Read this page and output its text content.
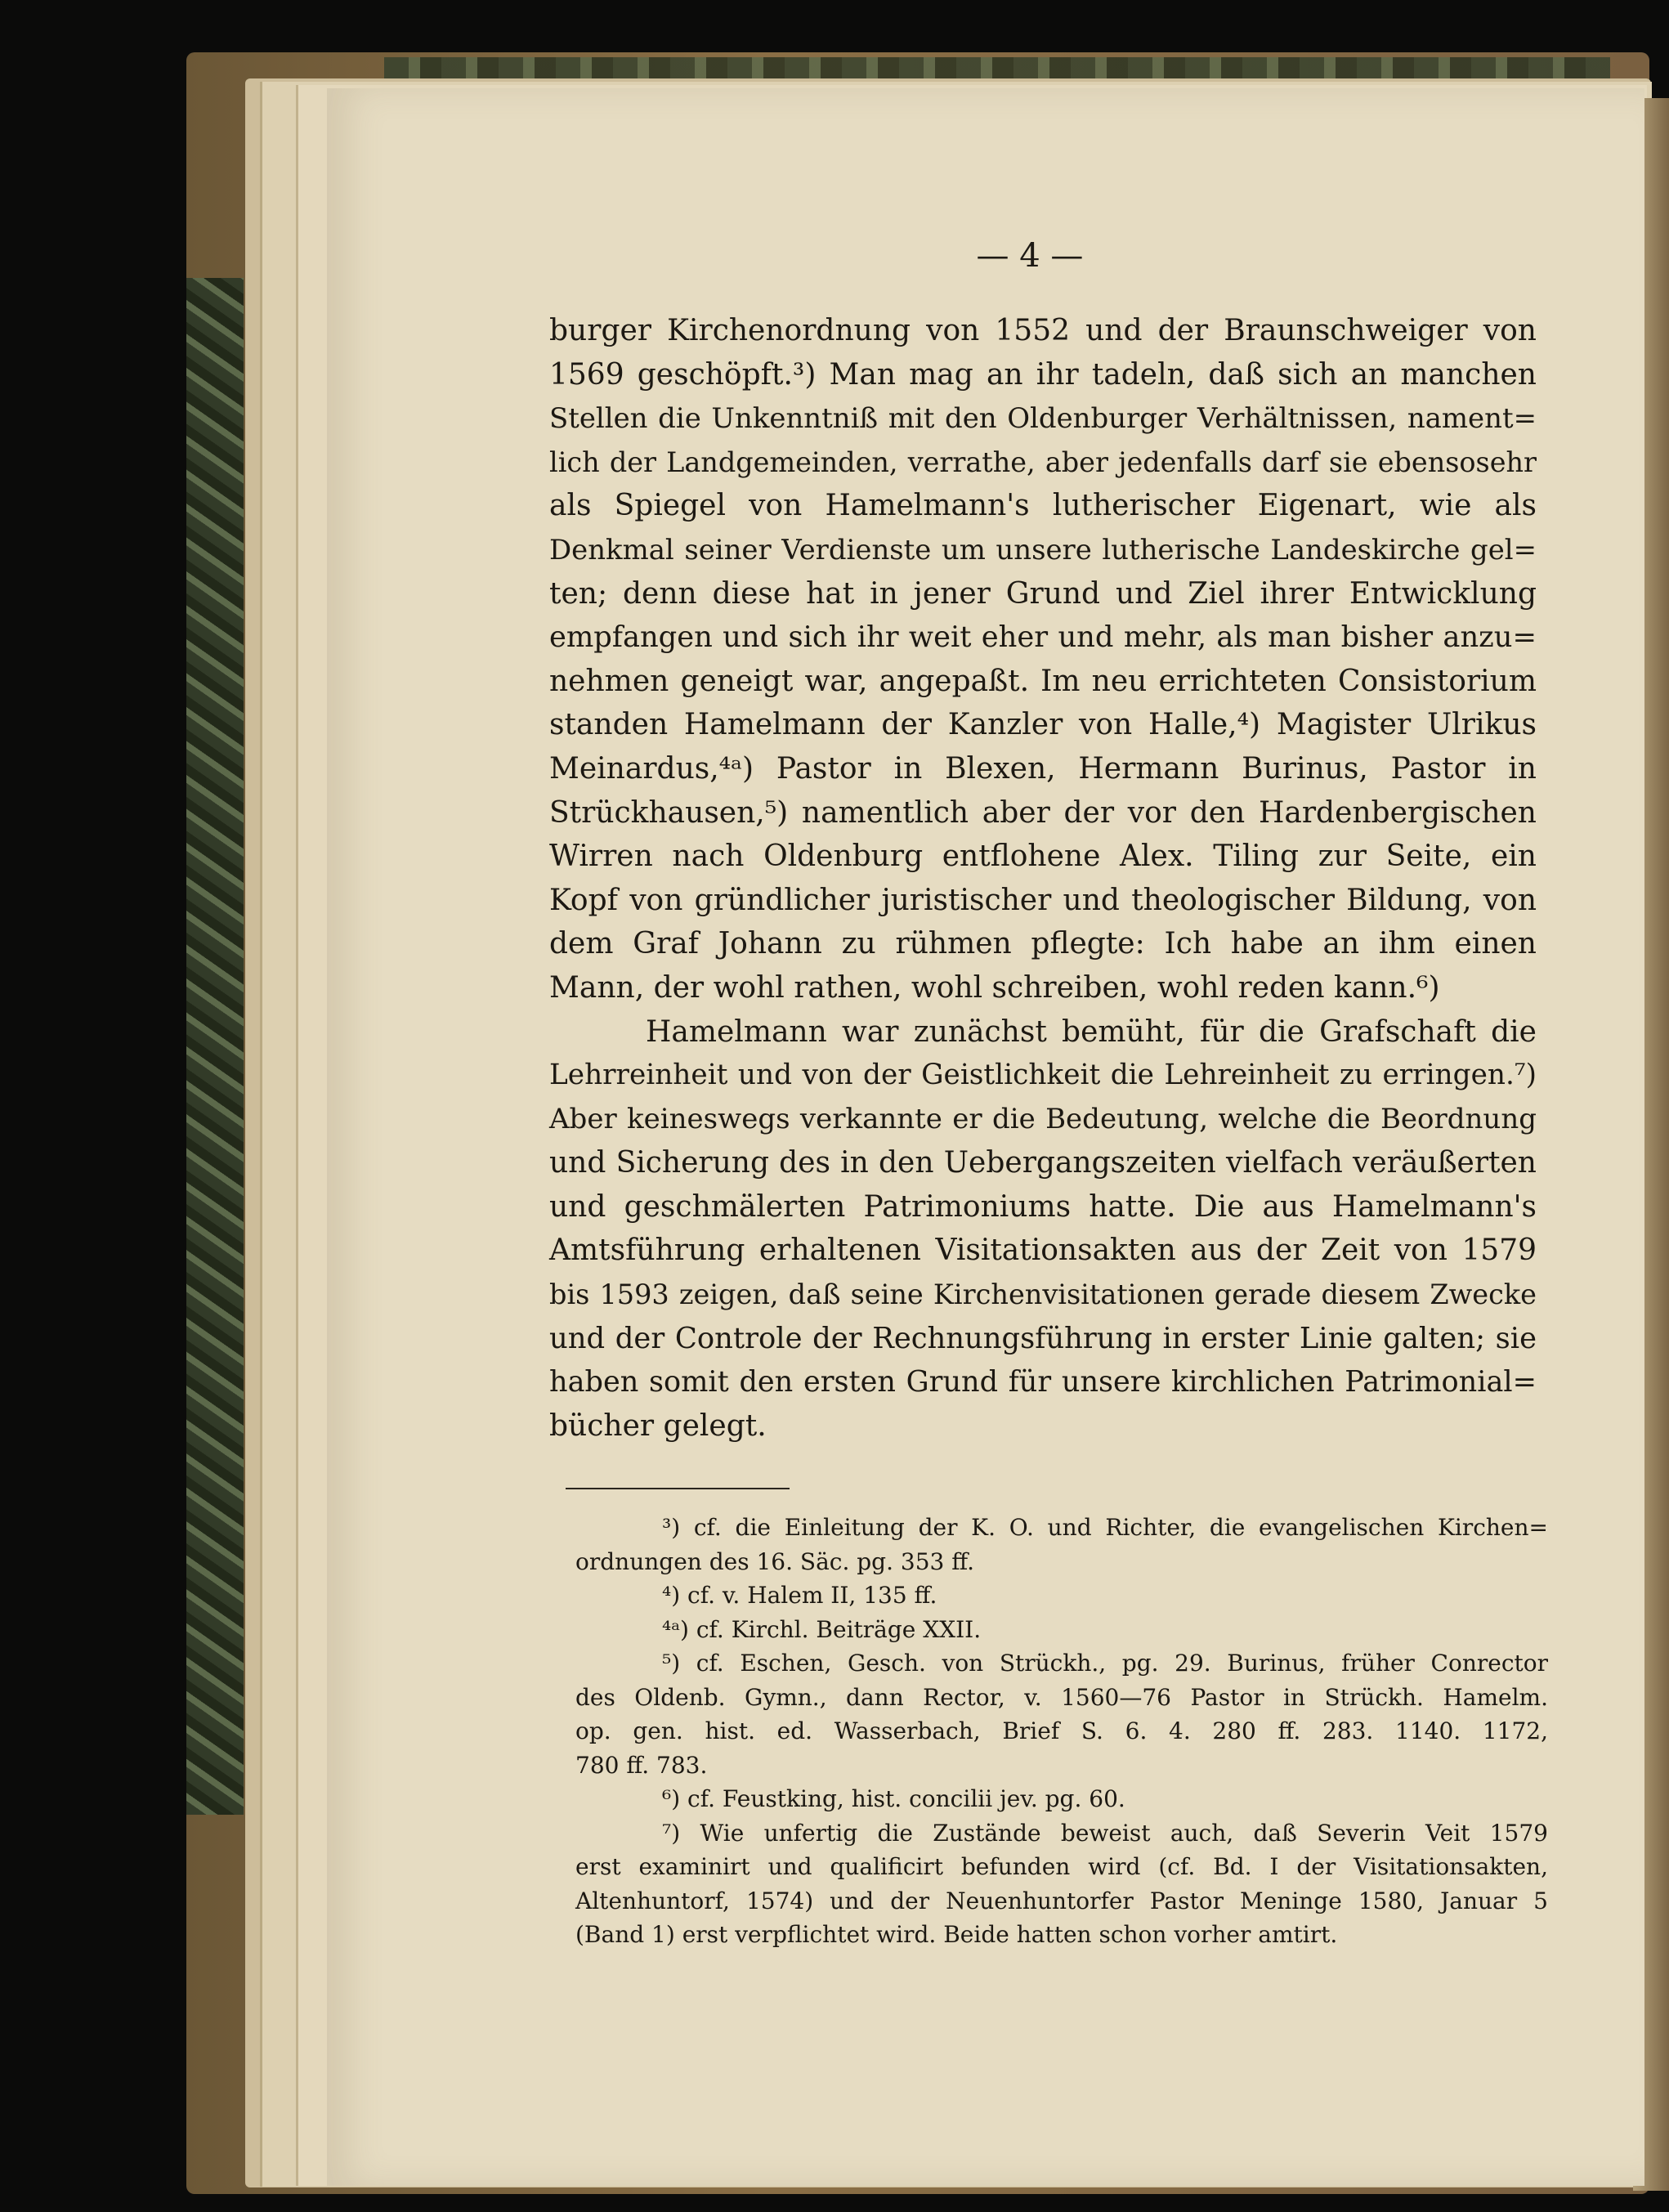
— 4 —
burger Kirchenordnung von 1552 und der Braunschweiger von
1569 geschöpft.³) Man mag an ihr tadeln, daß sich an manchen
Stellen die Unkenntniß mit den Oldenburger Verhältnissen, nament=
lich der Landgemeinden, verrathe, aber jedenfalls darf sie ebensosehr
als Spiegel von Hamelmann's lutherischer Eigenart, wie als
Denkmal seiner Verdienste um unsere lutherische Landeskirche gel=
ten; denn diese hat in jener Grund und Ziel ihrer Entwicklung
empfangen und sich ihr weit eher und mehr, als man bisher anzu=
nehmen geneigt war, angepaßt. Im neu errichteten Consistorium
standen Hamelmann der Kanzler von Halle,⁴) Magister Ulrikus
Meinardus,⁴ᵃ) Pastor in Blexen, Hermann Burinus, Pastor in
Strückhausen,⁵) namentlich aber der vor den Hardenbergischen
Wirren nach Oldenburg entflohene Alex. Tiling zur Seite, ein
Kopf von gründlicher juristischer und theologischer Bildung, von
dem Graf Johann zu rühmen pflegte: Ich habe an ihm einen
Mann, der wohl rathen, wohl schreiben, wohl reden kann.⁶)
Hamelmann war zunächst bemüht, für die Grafschaft die
Lehrreinheit und von der Geistlichkeit die Lehreinheit zu erringen.⁷)
Aber keineswegs verkannte er die Bedeutung, welche die Beordnung
und Sicherung des in den Uebergangszeiten vielfach veräußerten
und geschmälerten Patrimoniums hatte. Die aus Hamelmann's
Amtsführung erhaltenen Visitationsakten aus der Zeit von 1579
bis 1593 zeigen, daß seine Kirchenvisitationen gerade diesem Zwecke
und der Controle der Rechnungsführung in erster Linie galten; sie
haben somit den ersten Grund für unsere kirchlichen Patrimonial=
bücher gelegt.
³) cf. die Einleitung der K. O. und Richter, die evangelischen Kirchen=
ordnungen des 16. Säc. pg. 353 ff.
⁴) cf. v. Halem II, 135 ff.
⁴ᵃ) cf. Kirchl. Beiträge XXII.
⁵) cf. Eschen, Gesch. von Strückh., pg. 29. Burinus, früher Conrector
des Oldenb. Gymn., dann Rector, v. 1560—76 Pastor in Strückh. Hamelm.
op. gen. hist. ed. Wasserbach, Brief S. 6. 4. 280 ff. 283. 1140. 1172,
780 ff. 783.
⁶) cf. Feustking, hist. concilii jev. pg. 60.
⁷) Wie unfertig die Zustände beweist auch, daß Severin Veit 1579
erst examinirt und qualificirt befunden wird (cf. Bd. I der Visitationsakten,
Altenhuntorf, 1574) und der Neuenhuntorfer Pastor Meninge 1580, Januar 5
(Band 1) erst verpflichtet wird. Beide hatten schon vorher amtirt.
